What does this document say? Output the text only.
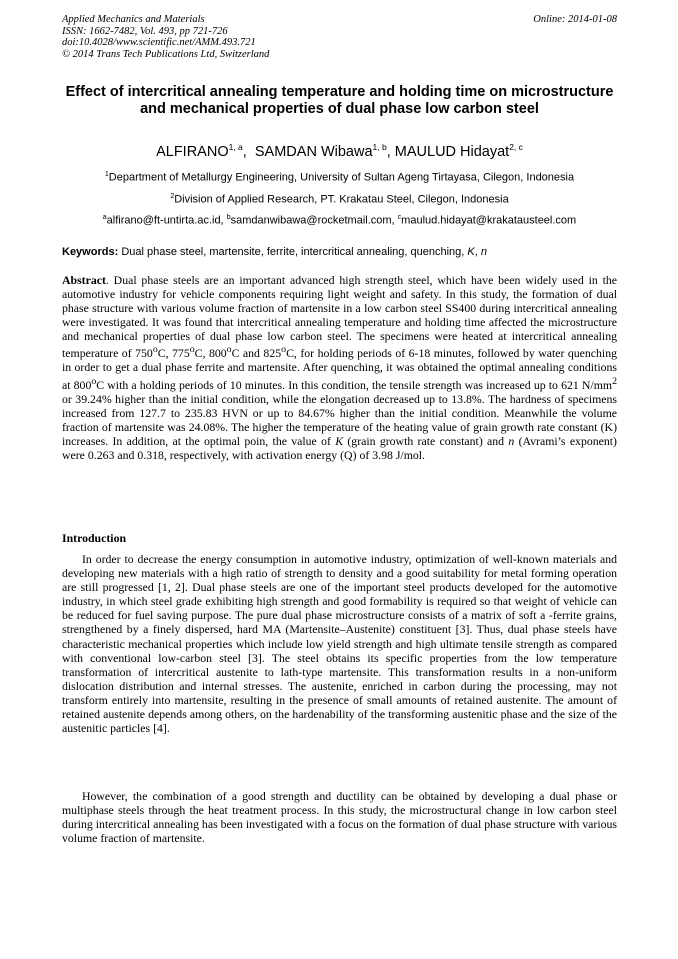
Applied Mechanics and Materials
ISSN: 1662-7482, Vol. 493, pp 721-726
doi:10.4028/www.scientific.net/AMM.493.721
© 2014 Trans Tech Publications Ltd, Switzerland
Online: 2014-01-08
Effect of intercritical annealing temperature and holding time on microstructure and mechanical properties of dual phase low carbon steel
ALFIRANO$^{1, a}$,  SAMDAN Wibawa$^{1, b}$, MAULUD Hidayat$^{2, c}$
$^1$Department of Metallurgy Engineering, University of Sultan Ageng Tirtayasa, Cilegon, Indonesia
$^2$Division of Applied Research, PT. Krakatau Steel, Cilegon, Indonesia
$^a$alfirano@ft-untirta.ac.id, $^b$samdanwibawa@rocketmail.com, $^c$maulud.hidayat@krakatausteel.com
Keywords: Dual phase steel, martensite, ferrite, intercritical annealing, quenching, K, n
Abstract. Dual phase steels are an important advanced high strength steel, which have been widely used in the automotive industry for vehicle components requiring light weight and safety. In this study, the formation of dual phase structure with various volume fraction of martensite in a low carbon steel SS400 during intercritical annealing were investigated. It was found that intercritical annealing temperature and holding time affected the microstructure and mechanical properties of dual phase low carbon steel. The specimens were heated at intercritical annealing temperature of 750$^o$C, 775$^o$C, 800$^o$C and 825$^o$C, for holding periods of 6-18 minutes, followed by water quenching in order to get a dual phase ferrite and martensite. After quenching, it was obtained the optimal annealing conditions at 800$^o$C with a holding periods of 10 minutes. In this condition, the tensile strength was increased up to 621 $N/mm^2$ or 39.24% higher than the initial condition, while the elongation decreased up to 13.8%. The hardness of specimens increased from 127.7 to 235.83 HVN or up to 84.67% higher than the initial condition. Meanwhile the volume fraction of martensite was 24.08%. The higher the temperature of the heating value of grain growth rate constant (K) increases. In addition, at the optimal poin, the value of K (grain growth rate constant) and n (Avrami’s exponent) were 0.263 and 0.318, respectively, with activation energy (Q) of 3.98 J/mol.
Introduction
In order to decrease the energy consumption in automotive industry, optimization of well-known materials and developing new materials with a high ratio of strength to density and a good suitability for metal forming operation are still progressed [1, 2]. Dual phase steels are one of the important steel products developed for the automotive industry, in which steel grade exhibiting high strength and good formability is required so that weight of vehicle can be reduced for fuel saving purpose. The pure dual phase microstructure consists of a matrix of soft a -ferrite grains, strengthened by a finely dispersed, hard MA (Martensite–Austenite) constituent [3]. Thus, dual phase steels have characteristic mechanical properties which include low yield strength and high ultimate tensile strength as compared with conventional low-carbon steel [3]. The steel obtains its specific properties from the low temperature transformation of intercritical austenite to lath-type martensite. This transformation results in a non-uniform dislocation distribution and internal stresses. The austenite, enriched in carbon during the processing, may not transform entirely into martensite, resulting in the presence of small amounts of retained austenite. The amount of retained austenite depends among others, on the hardenability of the transforming austenitic phase and the size of the austenitic particles [4].
However, the combination of a good strength and ductility can be obtained by developing a dual phase or multiphase steels through the heat treatment process. In this study, the microstructural change in low carbon steel during intercritical annealing has been investigated with a focus on the formation of dual phase structure with various volume fraction of martensite.
